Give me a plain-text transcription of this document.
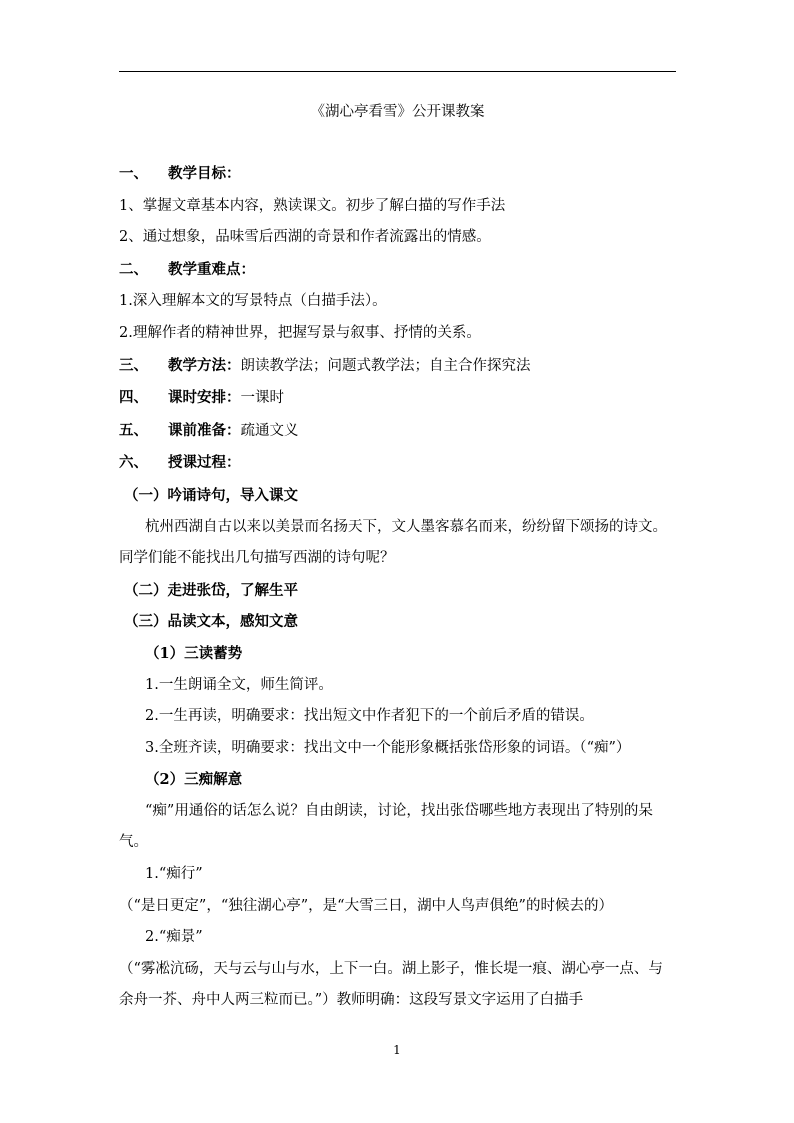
《湖心亭看雪》公开课教案

一、 教学目标：

1、掌握文章基本内容，熟读课文。初步了解白描的写作手法

2、通过想象，品味雪后西湖的奇景和作者流露出的情感。

二、 教学重难点：

1.深入理解本文的写景特点（白描手法）。

2.理解作者的精神世界，把握写景与叙事、抒情的关系。

三、 教学方法：朗读教学法；问题式教学法；自主合作探究法

四、 课时安排：一课时

五、 课前准备：疏通文义

六、 授课过程：

（一）吟诵诗句，导入课文

杭州西湖自古以来以美景而名扬天下，文人墨客慕名而来，纷纷留下颂扬的诗文。同学们能不能找出几句描写西湖的诗句呢？

（二）走进张岱，了解生平

（三）品读文本，感知文意

（1）三读蓄势

1.一生朗诵全文，师生简评。

2.一生再读，明确要求：找出短文中作者犯下的一个前后矛盾的错误。

3.全班齐读，明确要求：找出文中一个能形象概括张岱形象的词语。（“痴”）

（2）三痴解意

“痴”用通俗的话怎么说？自由朗读，讨论，找出张岱哪些地方表现出了特别的呆气。

1.“痴行”

（“是日更定”，“独往湖心亭”，是“大雪三日，湖中人鸟声俱绝”的时候去的）

2.“痴景”

（“雾凇沆砀，天与云与山与水，上下一白。湖上影子，惟长堤一痕、湖心亭一点、与余舟一芥、舟中人两三粒而已。”）教师明确：这段写景文字运用了白描手

1
